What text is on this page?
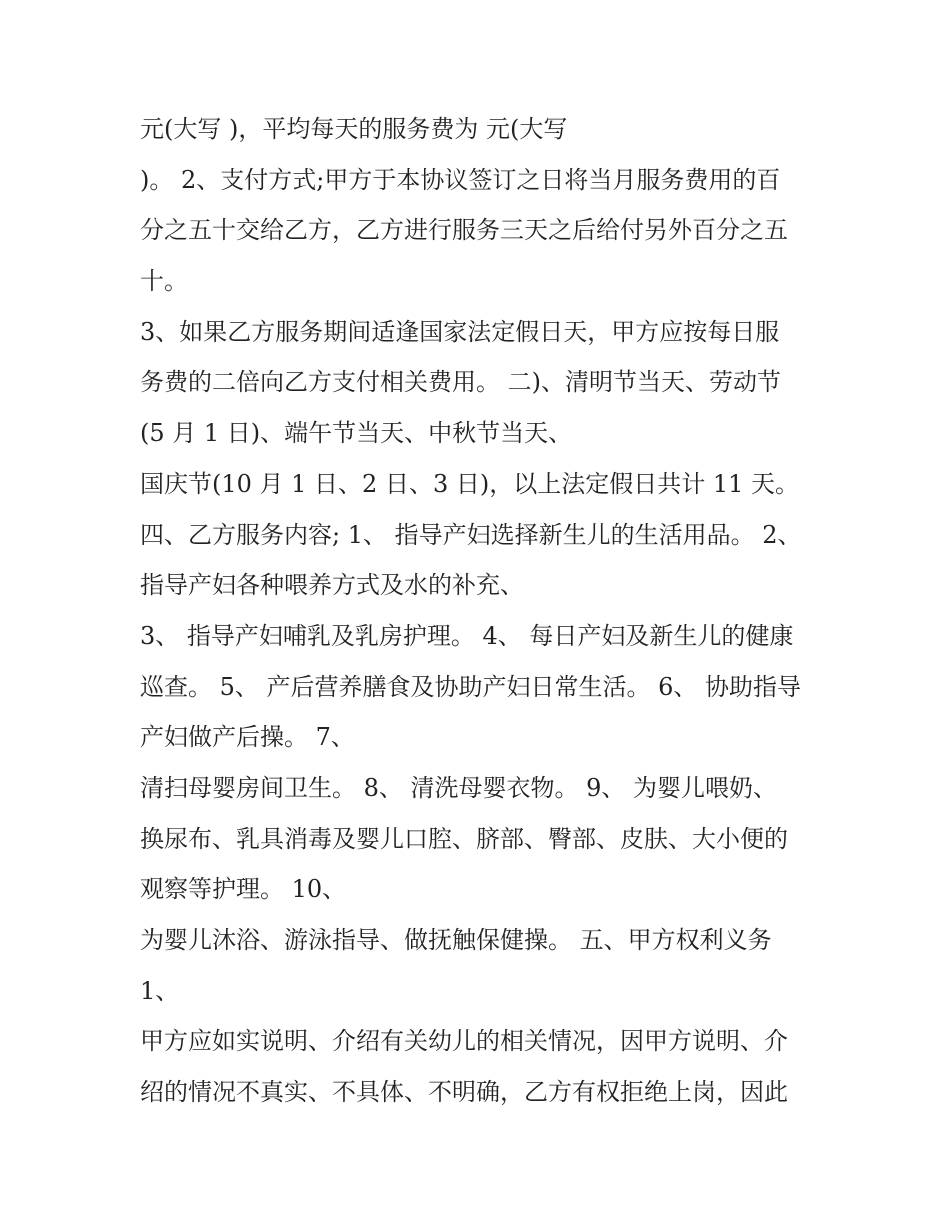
元(大写 )，平均每天的服务费为 元(大写
)。 2、支付方式;甲方于本协议签订之日将当月服务费用的百
分之五十交给乙方，乙方进行服务三天之后给付另外百分之五
十。
3、如果乙方服务期间适逢国家法定假日天，甲方应按每日服
务费的二倍向乙方支付相关费用。 二)、清明节当天、劳动节
(5 月 1 日)、端午节当天、中秋节当天、
国庆节(10 月 1 日、2 日、3 日)，以上法定假日共计 11 天。
四、乙方服务内容; 1、 指导产妇选择新生儿的生活用品。 2、
指导产妇各种喂养方式及水的补充、
3、 指导产妇哺乳及乳房护理。 4、 每日产妇及新生儿的健康
巡查。 5、 产后营养膳食及协助产妇日常生活。 6、 协助指导
产妇做产后操。 7、
清扫母婴房间卫生。 8、 清洗母婴衣物。 9、 为婴儿喂奶、
换尿布、乳具消毒及婴儿口腔、脐部、臀部、皮肤、大小便的
观察等护理。 10、
为婴儿沐浴、游泳指导、做抚触保健操。 五、甲方权利义务
1、
甲方应如实说明、介绍有关幼儿的相关情况，因甲方说明、介
绍的情况不真实、不具体、不明确，乙方有权拒绝上岗，因此
